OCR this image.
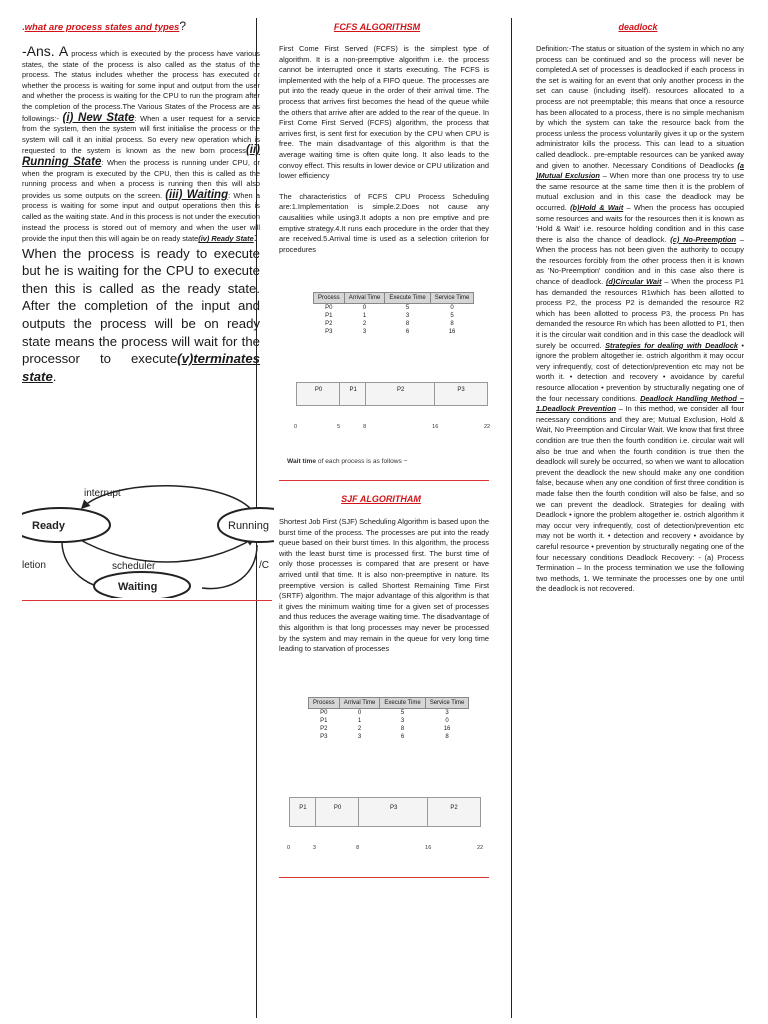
.what are process states and types?

-Ans. A process which is executed by the process have various states, the state of the process is also called as the status of the process. The status includes whether the process has executed or whether the process is waiting for some input and output from the user and whether the process is waiting for the CPU to run the program after the completion of the process.The Various States of the Process are as followings:- (i) New State: When a user request for a service from the system, then the system will first initialise the process or the system will call it an initial process. So every new operation which is requested to the system is known as the new born process(ii) Running State: When the process is running under CPU, or when the program is executed by the CPU, then this is called as the running process and when a process is running then this will also provides us some outputs on the screen. (iii) Waiting: When a process is waiting for some input and output operations then this is called as the waiting state. And in this process is not under the execution instead the process is stored out of memory and when the user will provide the input then this will again be on ready state(iv) Ready State:

When the process is ready to execute but he is waiting for the CPU to execute then this is called as the ready state. After the completion of the input and outputs the process will be on ready state means the process will wait for the processor to execute(v)terminates state.

interrupt
Ready	Running
letion	scheduler	/C
Waiting

FCFS ALGORITHSM

First Come First Served (FCFS) is the simplest type of algorithm. It is a non-preemptive algorithm i.e. the process cannot be interrupted once it starts executing. The FCFS is implemented with the help of a FIFO queue. The processes are put into the ready queue in the order of their arrival time. The process that arrives first becomes the head of the queue while the others that arrive after are added to the rear of the queue. In First Come First Served (FCFS) algorithm, the process that arrives first, is sent first for execution by the CPU when CPU is free. The main disadvantage of this algorithm is that the average waiting time is often quite long. It also leads to the convoy effect. This results in lower device or CPU utilization and lower efficiency

The characteristics of FCFS CPU Process Scheduling are:1.Implementation is simple.2.Does not cause any causalities while using3.It adopts a non pre emptive and pre emptive strategy.4.It runs each procedure in the order that they are received.5.Arrival time is used as a selection criterion for procedures

Process	Arrival Time	Execute Time	Service Time
P0	0	5	0
P1	1	3	5
P2	2	8	8
P3	3	6	16
P0	P1	P2	P3
0	5	8	16	22

Wait time of each process is as follows −

SJF ALGORITHAM

Shortest Job First (SJF) Scheduling Algorithm is based upon the burst time of the process. The processes are put into the ready queue based on their burst times. In this algorithm, the process with the least burst time is processed first. The burst time of only those processes is compared that are present or have arrived until that time. It is also non-preemptive in nature. Its preemptive version is called Shortest Remaining Time First (SRTF) algorithm. The major advantage of this algorithm is that it gives the minimum waiting time for a given set of processes and thus reduces the average waiting time. The disadvantage of this algorithm is that long processes may never be processed by the system and may remain in the queue for very long time leading to starvation of processes

Process	Arrival Time	Execute Time	Service Time
P0	0	5	3
P1	1	3	0
P2	2	8	16
P3	3	6	8
P1	P0	P3	P2
0	3	8	16	22

deadlock

Definition:-The status or situation of the system in which no any process can be continued and so the process will never be completed.A set of processes is deadlocked if each process in the set is waiting for an event that only another process in the set can cause (including itself). resources allocated to a process are not preemptable; this means that once a resource has been allocated to a process, there is no simple mechanism by which the system can take the resource back from the process unless the process voluntarily gives it up or the system administrator kills the process. This can lead to a situation called deadlock.. pre-emptable resources can be yanked away and given to another. Necessary Conditions of Deadlocks (a )Mutual Exclusion – When more than one process try to use the same resource at the same time then it is the problem of mutual exclusion and in this case the deadlock may be occurred. (b)Hold & Wait – When the process has occupied some resources and waits for the resources then it is known as 'Hold & Wait' i.e. resource holding condition and in this case there is also the chance of deadlock. (c) No-Preemption – When the process has not been given the authority to occupy the resources forcibly from the other process then it is known as 'No-Preemption' condition and in this case also there is chance of deadlock. (d)Circular Wait – When the process P1 has demanded the resources R1which has been allotted to process P2, the process P2 is demanded the resource R2 which has been allotted to process P3, the process Pn has demanded the resource Rn which has been allotted to P1, then it is the circular wait condition and in this case the deadlock will surely be occurred. Strategies for dealing with Deadlock • ignore the problem altogether ie. ostrich algorithm it may occur very infrequently, cost of detection/prevention etc may not be worth it. • detection and recovery • avoidance by careful resource allocation • prevention by structurally negating one of the four necessary conditions. Deadlock Handling Method – 1.Deadlock Prevention – In this method, we consider all four necessary conditions and they are; Mutual Exclusion, Hold & Wait, No Preemption and Circular Wait. We know that first three condition are true then the fourth condition i.e. circular wait will also be true and when the fourth condition is true then the deadlock will surely be occurred, so when we want to allocation prevent the deadlock the new should make any one condition false, because when any one condition of first three condition is made false then the fourth condition will also be false, and so we can prevent the deadlock. Strategies for dealing with Deadlock • ignore the problem altogether ie. ostrich algorithm it may occur very infrequently, cost of detection/prevention etc may not be worth it. • detection and recovery • avoidance by careful resource • prevention by structurally negating one of the four necessary conditions Deadlock Recovery: - (a) Process Termination – In the process termination we use the following two methods, 1. We terminate the processes one by one until the deadlock is not recovered.
